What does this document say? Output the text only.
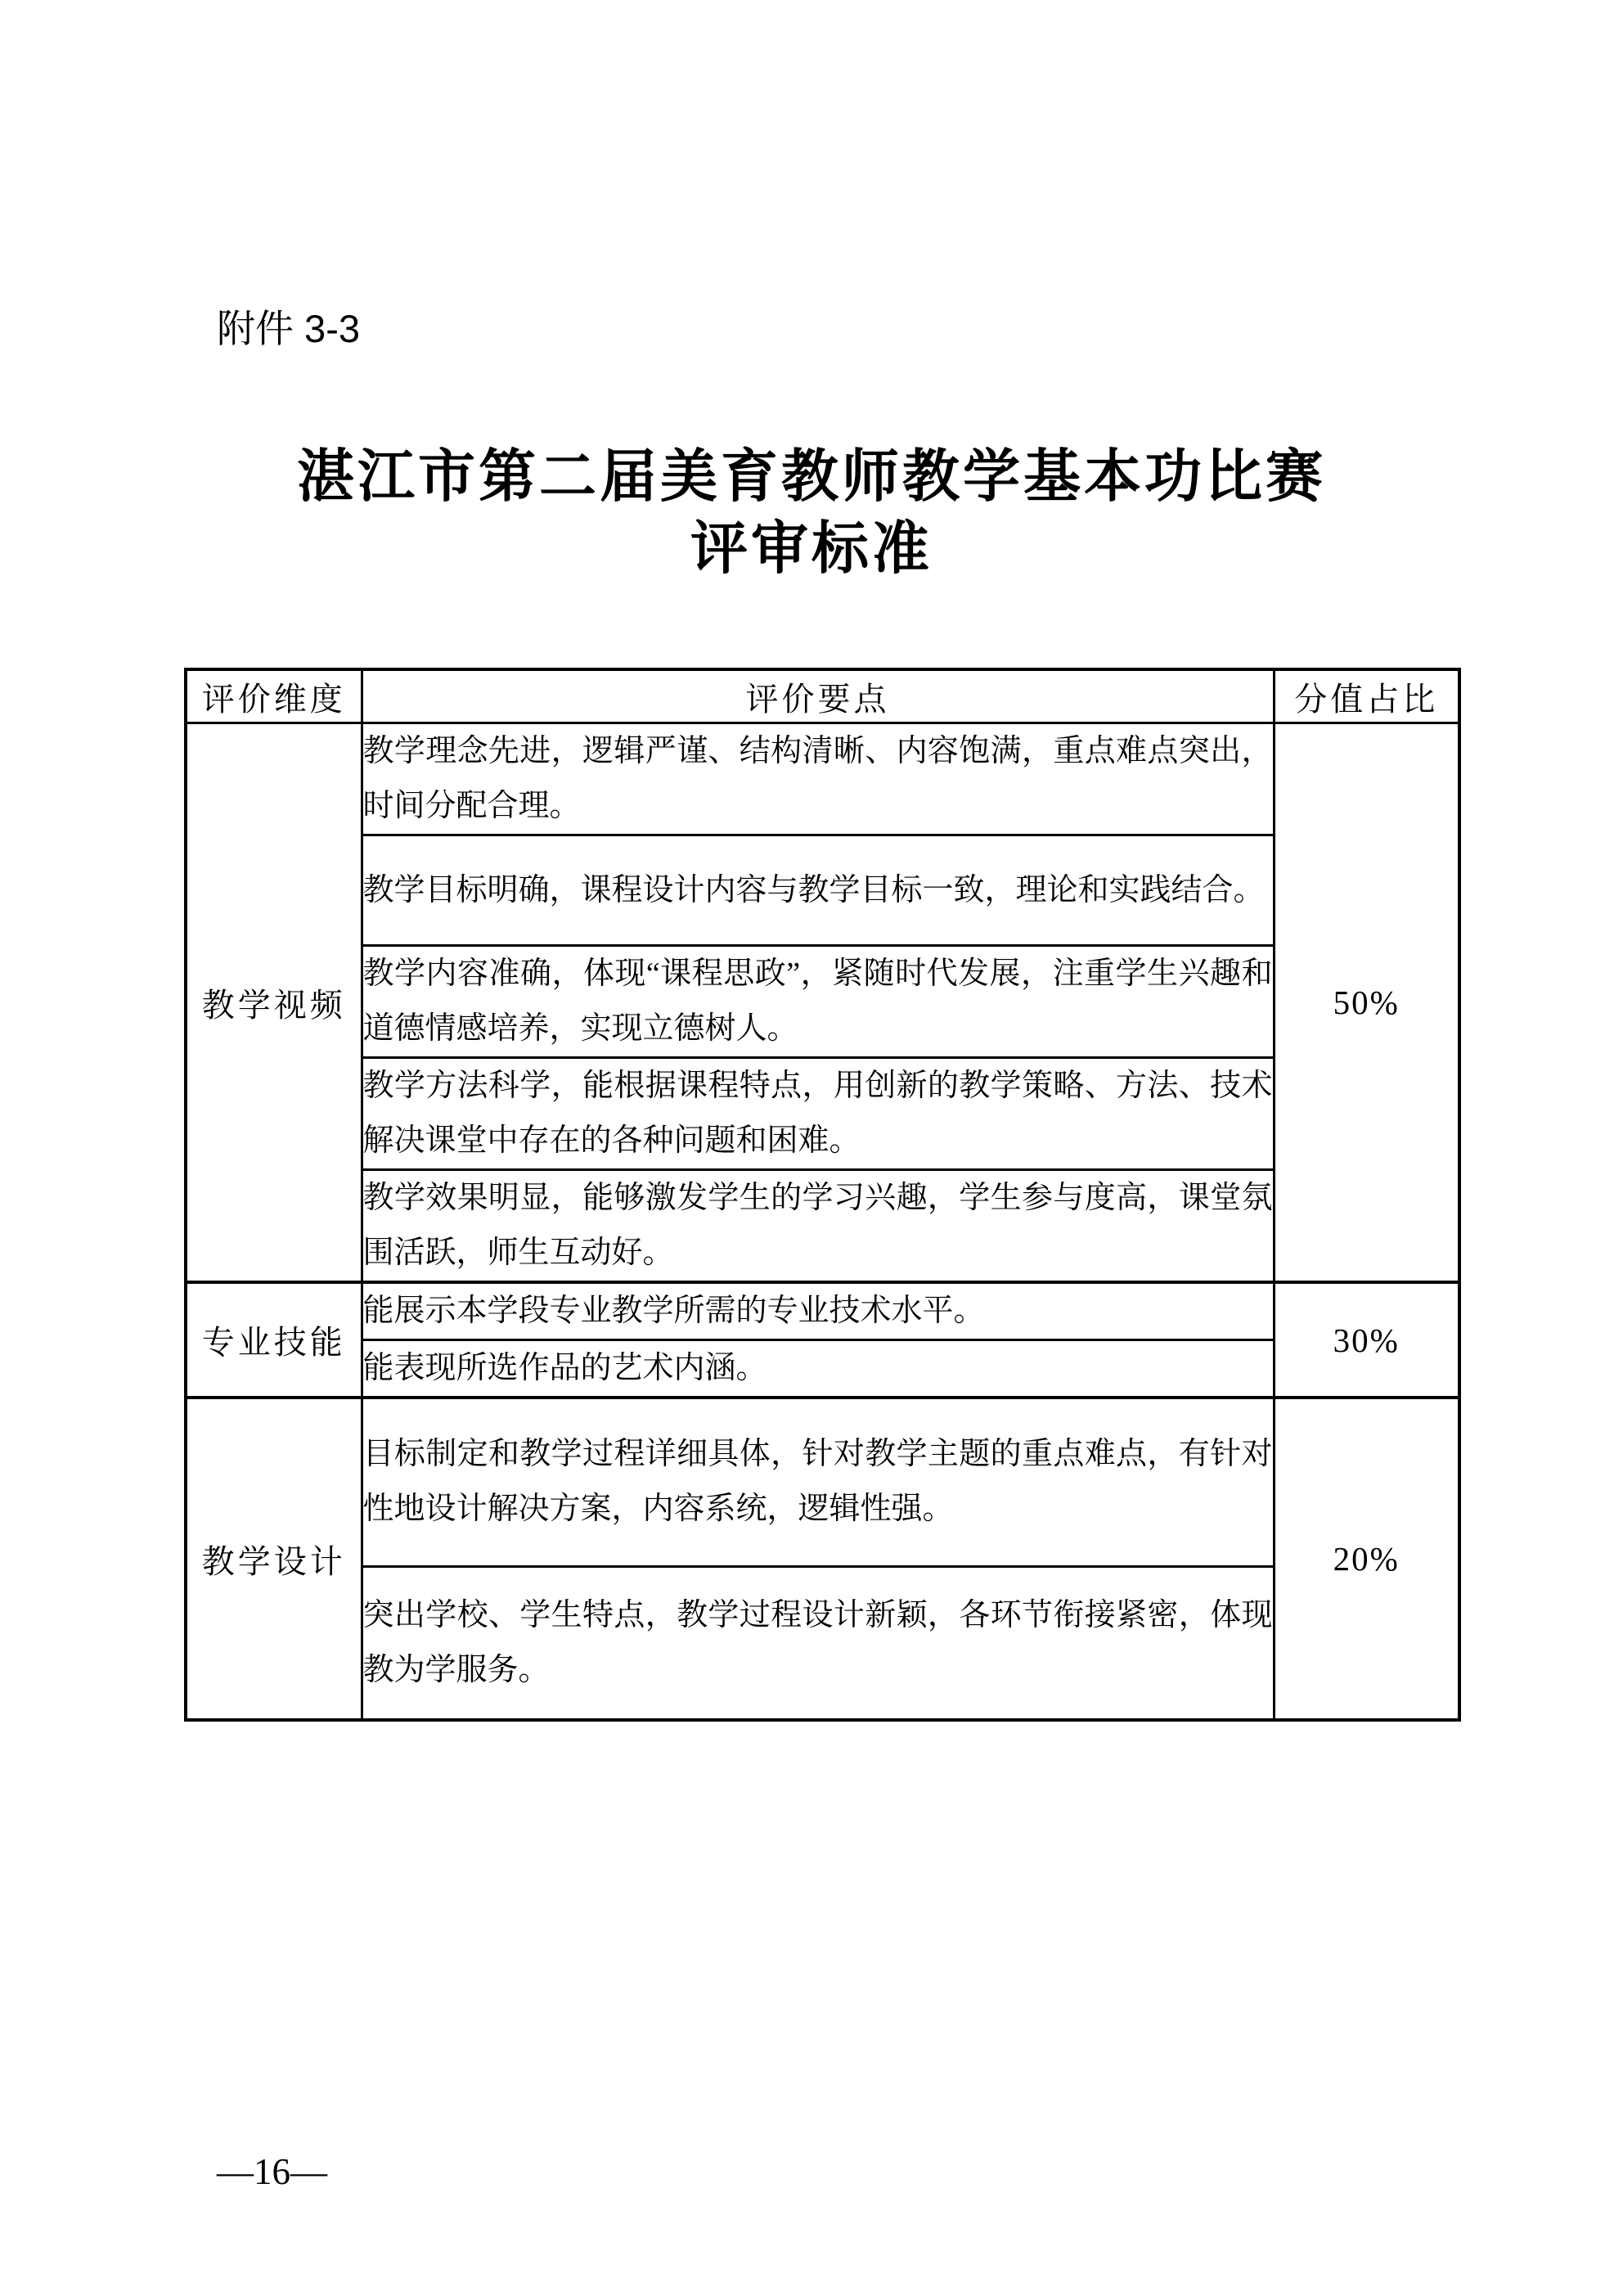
附件 3-3
湛江市第二届美育教师教学基本功比赛
评审标准
评价维度	评价要点	分值占比
教学视频	教学理念先进，逻辑严谨、结构清晰、内容饱满，重点难点突出，时间分配合理。	50%
	教学目标明确，课程设计内容与教学目标一致，理论和实践结合。	
	教学内容准确，体现“课程思政”，紧随时代发展，注重学生兴趣和道德情感培养，实现立德树人。	
	教学方法科学，能根据课程特点，用创新的教学策略、方法、技术解决课堂中存在的各种问题和困难。	
	教学效果明显，能够激发学生的学习兴趣，学生参与度高，课堂氛围活跃，师生互动好。	
专业技能	能展示本学段专业教学所需的专业技术水平。	30%
	能表现所选作品的艺术内涵。	
教学设计	目标制定和教学过程详细具体，针对教学主题的重点难点，有针对性地设计解决方案，内容系统，逻辑性强。	20%
	突出学校、学生特点，教学过程设计新颖，各环节衔接紧密，体现教为学服务。	
—16—
